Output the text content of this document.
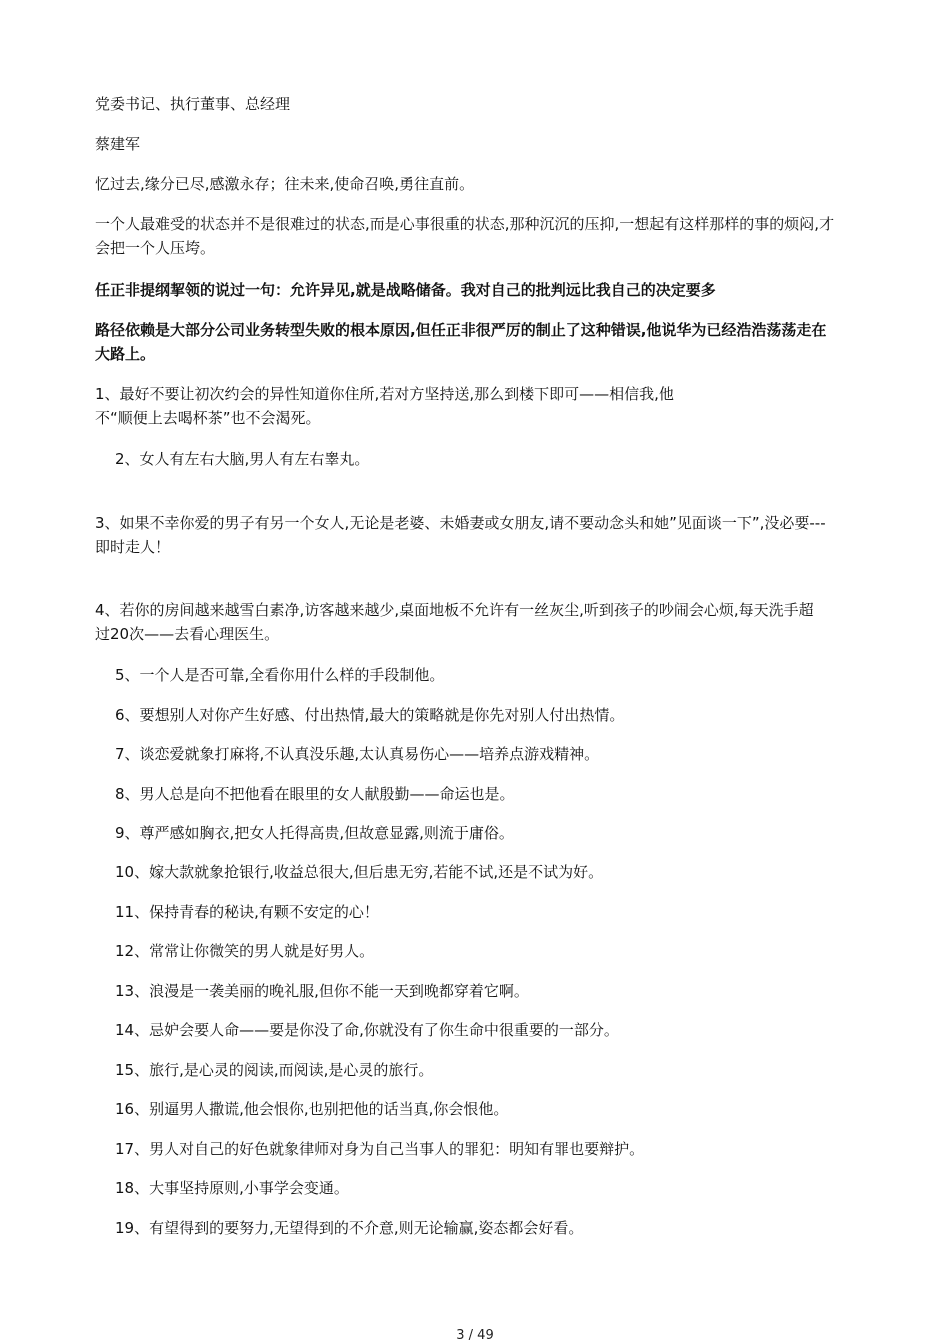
党委书记、执行董事、总经理
蔡建军
忆过去,缘分已尽,感激永存；往未来,使命召唤,勇往直前。
一个人最难受的状态并不是很难过的状态,而是心事很重的状态,那种沉沉的压抑,一想起有这样那样的事的烦闷,才会把一个人压垮。
任正非提纲挈领的说过一句：允许异见,就是战略储备。我对自己的批判远比我自己的决定要多
路径依赖是大部分公司业务转型失败的根本原因,但任正非很严厉的制止了这种错误,他说华为已经浩浩荡荡走在大路上。
1、最好不要让初次约会的异性知道你住所,若对方坚持送,那么到楼下即可——相信我,他不“顺便上去喝杯茶”也不会渴死。
2、女人有左右大脑,男人有左右睾丸。
3、如果不幸你爱的男子有另一个女人,无论是老婆、未婚妻或女朋友,请不要动念头和她”见面谈一下”,没必要---即时走人！
4、若你的房间越来越雪白素净,访客越来越少,桌面地板不允许有一丝灰尘,听到孩子的吵闹会心烦,每天洗手超过20次——去看心理医生。
5、一个人是否可靠,全看你用什么样的手段制他。
6、要想别人对你产生好感、付出热情,最大的策略就是你先对别人付出热情。
7、谈恋爱就象打麻将,不认真没乐趣,太认真易伤心——培养点游戏精神。
8、男人总是向不把他看在眼里的女人献殷勤——命运也是。
9、尊严感如胸衣,把女人托得高贵,但故意显露,则流于庸俗。
10、嫁大款就象抢银行,收益总很大,但后患无穷,若能不试,还是不试为好。
11、保持青春的秘诀,有颗不安定的心！
12、常常让你微笑的男人就是好男人。
13、浪漫是一袭美丽的晚礼服,但你不能一天到晚都穿着它啊。
14、忌妒会要人命——要是你没了命,你就没有了你生命中很重要的一部分。
15、旅行,是心灵的阅读,而阅读,是心灵的旅行。
16、别逼男人撒谎,他会恨你,也别把他的话当真,你会恨他。
17、男人对自己的好色就象律师对身为自己当事人的罪犯：明知有罪也要辩护。
18、大事坚持原则,小事学会变通。
19、有望得到的要努力,无望得到的不介意,则无论输赢,姿态都会好看。
3 / 49
